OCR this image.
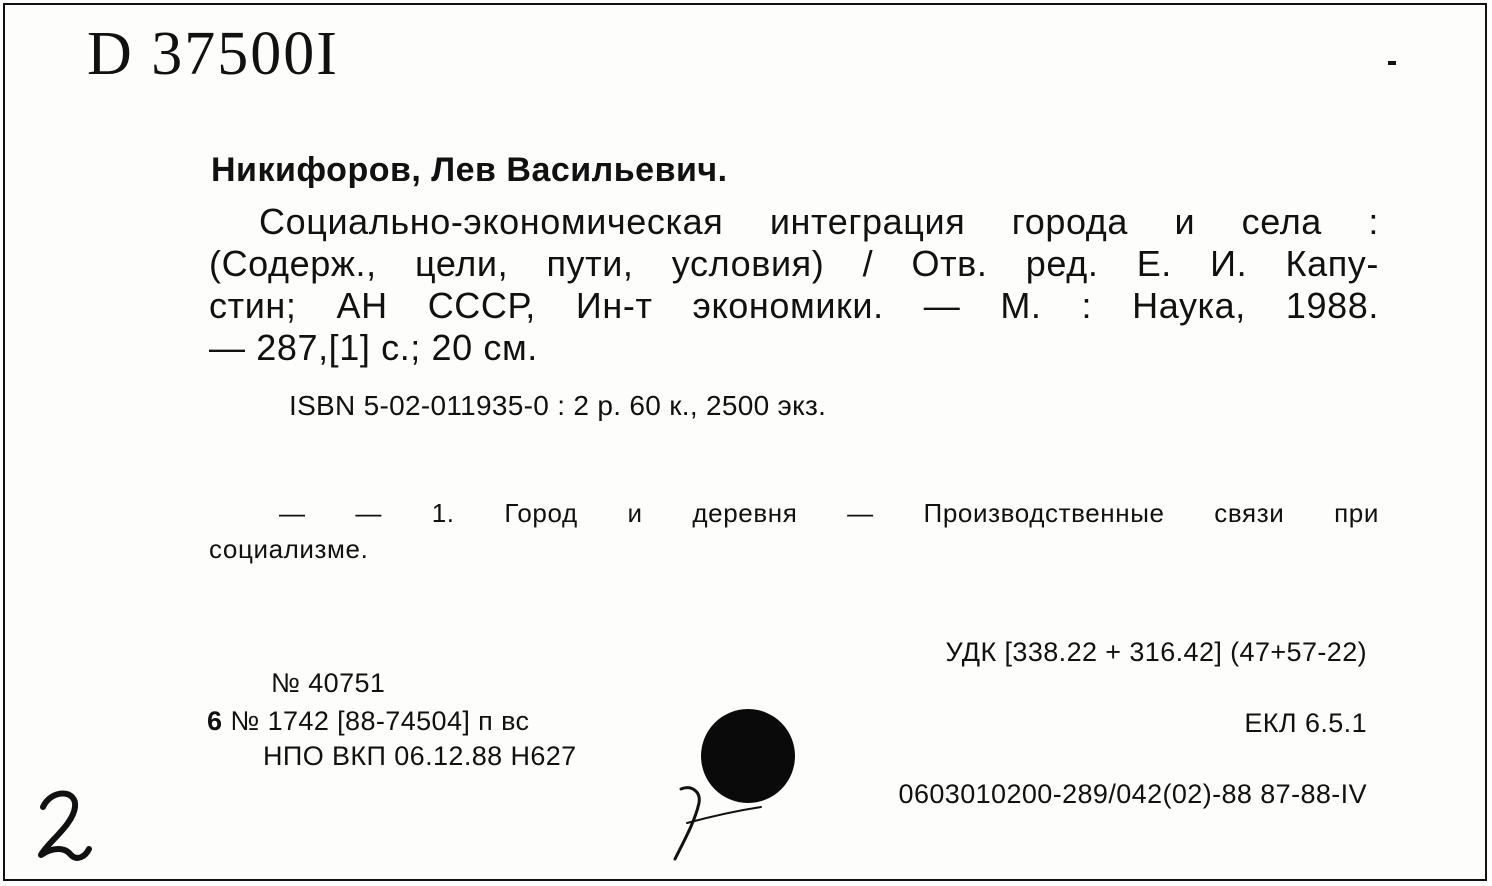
D 37500I
Никифоров, Лев Васильевич.
Социально-экономическая интеграция города и села :
(Содерж., цели, пути, условия) / Отв. ред. Е. И. Капу-
стин; АН СССР, Ин-т экономики. — М. : Наука, 1988.
— 287,[1] с.; 20 см.
ISBN 5-02-011935-0 : 2 р. 60 к., 2500 экз.
— — 1. Город и деревня — Производственные связи при
социализме.
УДК [338.22 + 316.42] (47+57-22)
№ 40751
6 № 1742 [88-74504] п вс	ЕКЛ 6.5.1
НПО ВКП 06.12.88 Н627
0603010200-289/042(02)-88 87-88-IV
